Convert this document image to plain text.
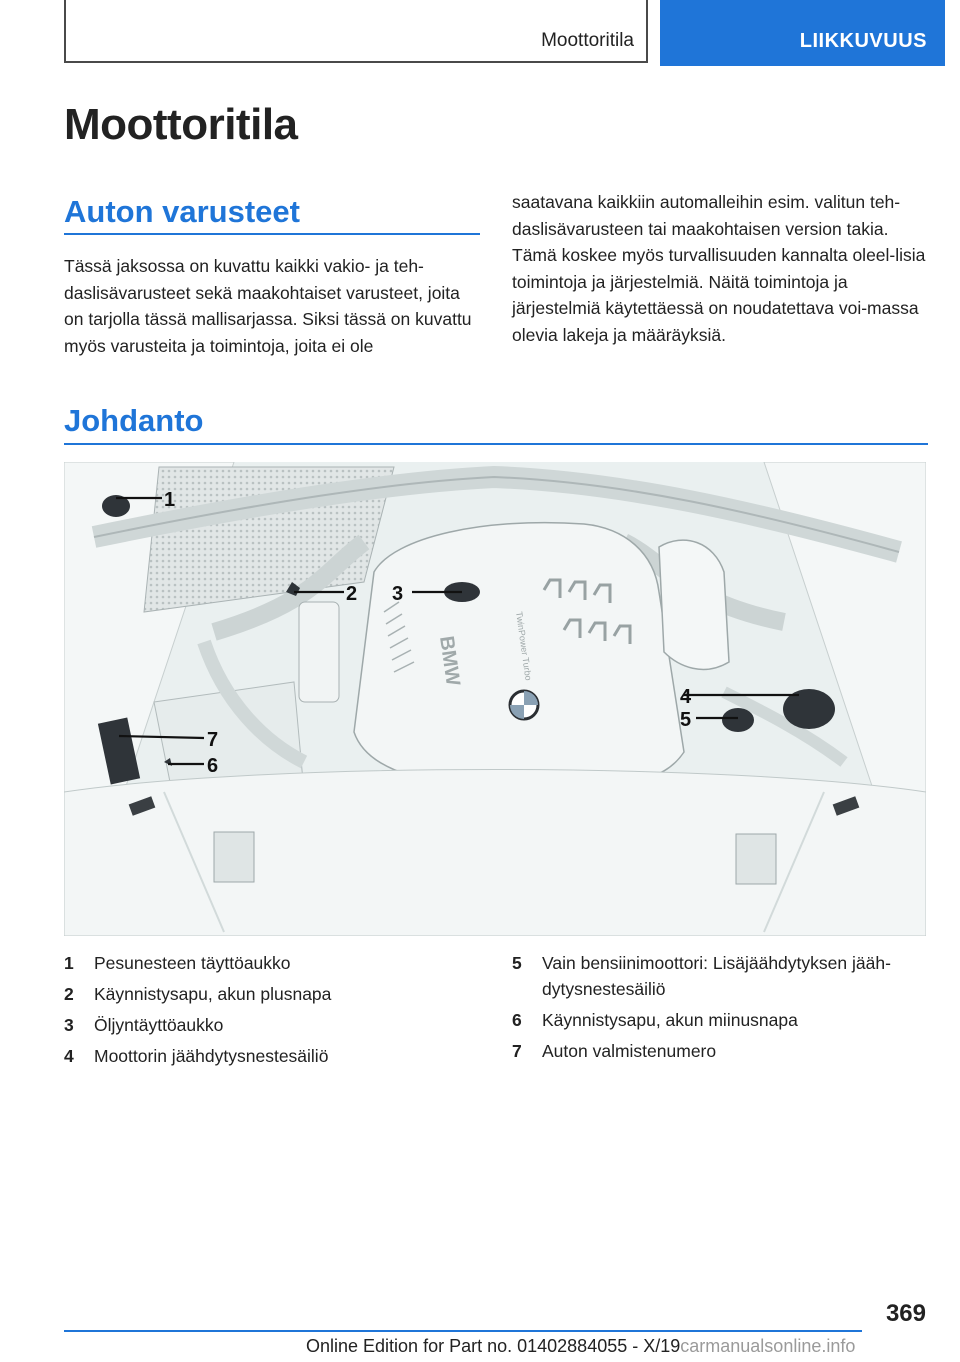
Moottoritila	LIIKKUVUUS
Moottoritila
Auton varusteet

Tässä jaksossa on kuvattu kaikki vakio- ja teh-daslisävarusteet sekä maakohtaiset varusteet, joita on tarjolla tässä mallisarjassa. Siksi tässä on kuvattu myös varusteita ja toimintoja, joita ei ole

saatavana kaikkiin automalleihin esim. valitun teh-daslisävarusteen tai maakohtaisen version takia. Tämä koskee myös turvallisuuden kannalta oleel-lisia toimintoja ja järjestelmiä. Näitä toimintoja ja järjestelmiä käytettäessä on noudatettava voi-massa olevia lakeja ja määräyksiä.

Johdanto
BMW	TwinPower Turbo
1
2 3
4
5
6
7
1 Pesunesteen täyttöaukko
2 Käynnistysapu, akun plusnapa
3 Öljyntäyttöaukko
4 Moottorin jäähdytysnestesäiliö
5 Vain bensiinimoottori: Lisäjäähdytyksen jääh-dytysnestesäiliö
6 Käynnistysapu, akun miinusnapa
7 Auton valmistenumero
369
Online Edition for Part no. 01402884055 - X/19carmanualsonline.info
